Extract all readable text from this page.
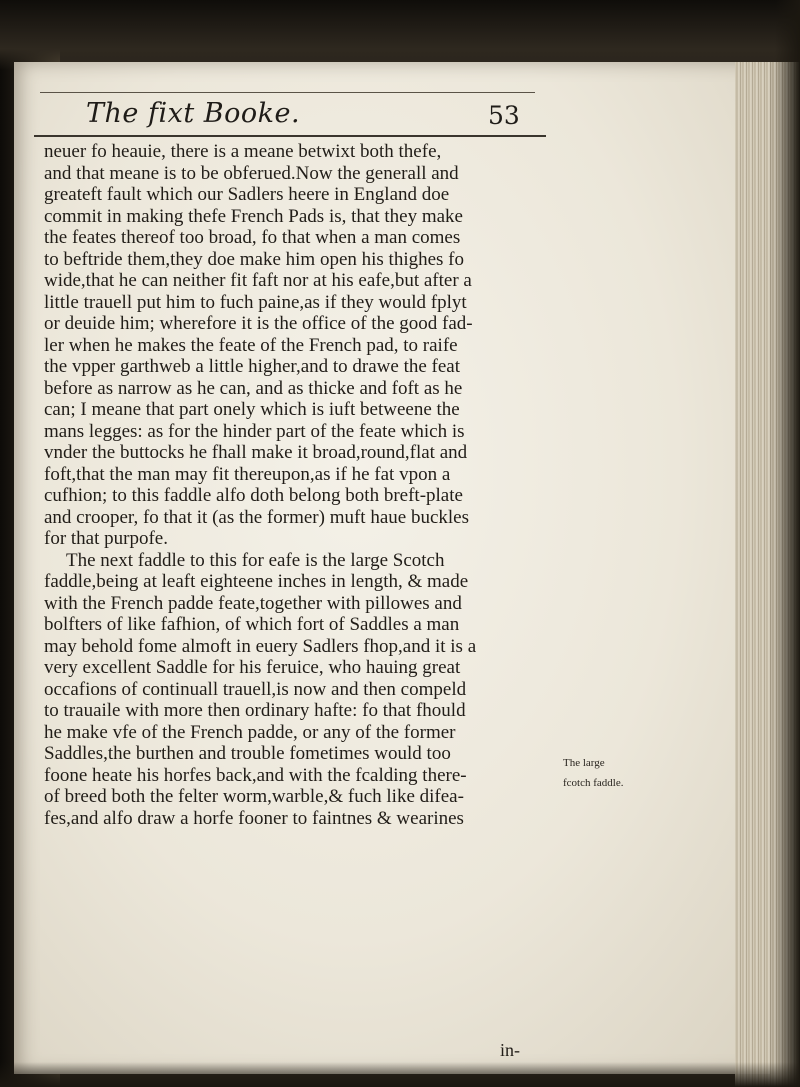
The fixt Booke.	53
neuer fo heauie, there is a meane betwixt both thefe,
and that meane is to be obferued.Now the generall and
greateft fault which our Sadlers heere in England doe
commit in making thefe French Pads is, that they make
the feates thereof too broad, fo that when a man comes
to beftride them,they doe make him open his thighes fo
wide,that he can neither fit faft nor at his eafe,but after a
little trauell put him to fuch paine,as if they would fplyt
or deuide him; wherefore it is the office of the good fad-
ler when he makes the feate of the French pad, to raife
the vpper garthweb a little higher,and to drawe the feat
before as narrow as he can, and as thicke and foft as he
can; I meane that part onely which is iuft betweene the
mans legges: as for the hinder part of the feate which is
vnder the buttocks he fhall make it broad,round,flat and
foft,that the man may fit thereupon,as if he fat vpon a
cufhion; to this faddle alfo doth belong both breft-plate
and crooper, fo that it (as the former) muft haue buckles
for that purpofe.
The next faddle to this for eafe is the large Scotch
faddle,being at leaft eighteene inches in length, & made
with the French padde feate,together with pillowes and
bolfters of like fafhion, of which fort of Saddles a man
may behold fome almoft in euery Sadlers fhop,and it is a
very excellent Saddle for his feruice, who hauing great
occafions of continuall trauell,is now and then compeld
to trauaile with more then ordinary hafte: fo that fhould
he make vfe of the French padde, or any of the former
Saddles,the burthen and trouble fometimes would too
foone heate his horfes back,and with the fcalding there-
of breed both the felter worm,warble,& fuch like difea-
fes,and alfo draw a horfe fooner to faintnes & wearines
The large
fcotch faddle.
in-
